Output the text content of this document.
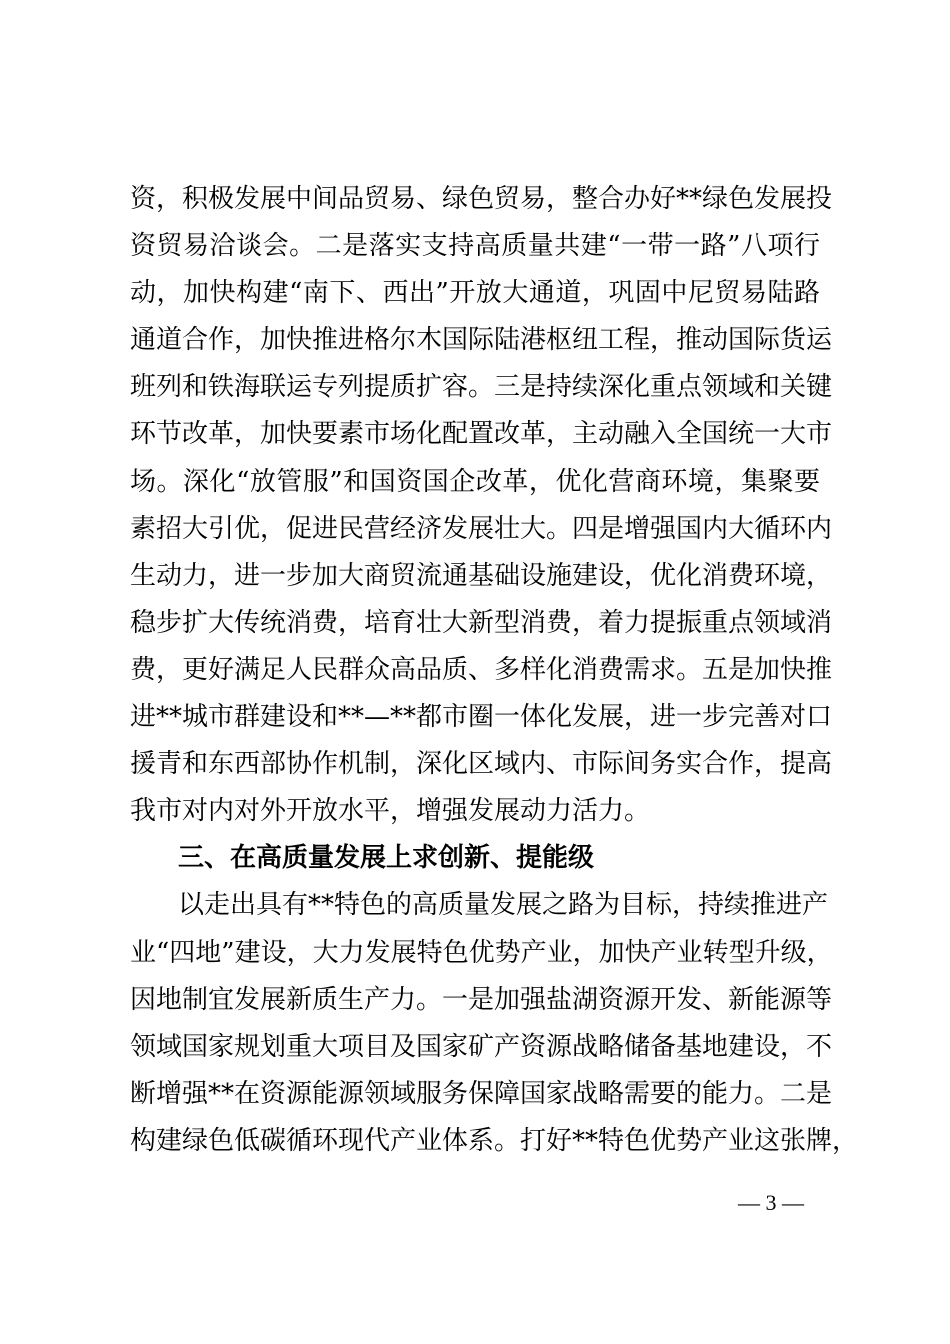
资，积极发展中间品贸易、绿色贸易，整合办好**绿色发展投
资贸易洽谈会。二是落实支持高质量共建“一带一路”八项行
动，加快构建“南下、西出”开放大通道，巩固中尼贸易陆路
通道合作，加快推进格尔木国际陆港枢纽工程，推动国际货运
班列和铁海联运专列提质扩容。三是持续深化重点领域和关键
环节改革，加快要素市场化配置改革，主动融入全国统一大市
场。深化“放管服”和国资国企改革，优化营商环境，集聚要
素招大引优，促进民营经济发展壮大。四是增强国内大循环内
生动力，进一步加大商贸流通基础设施建设，优化消费环境，
稳步扩大传统消费，培育壮大新型消费，着力提振重点领域消
费，更好满足人民群众高品质、多样化消费需求。五是加快推
进**城市群建设和**—**都市圈一体化发展，进一步完善对口
援青和东西部协作机制，深化区域内、市际间务实合作，提高
我市对内对外开放水平，增强发展动力活力。
三、在高质量发展上求创新、提能级
以走出具有**特色的高质量发展之路为目标，持续推进产
业“四地”建设，大力发展特色优势产业，加快产业转型升级，
因地制宜发展新质生产力。一是加强盐湖资源开发、新能源等
领域国家规划重大项目及国家矿产资源战略储备基地建设，不
断增强**在资源能源领域服务保障国家战略需要的能力。二是
构建绿色低碳循环现代产业体系。打好**特色优势产业这张牌，
— 3 —
